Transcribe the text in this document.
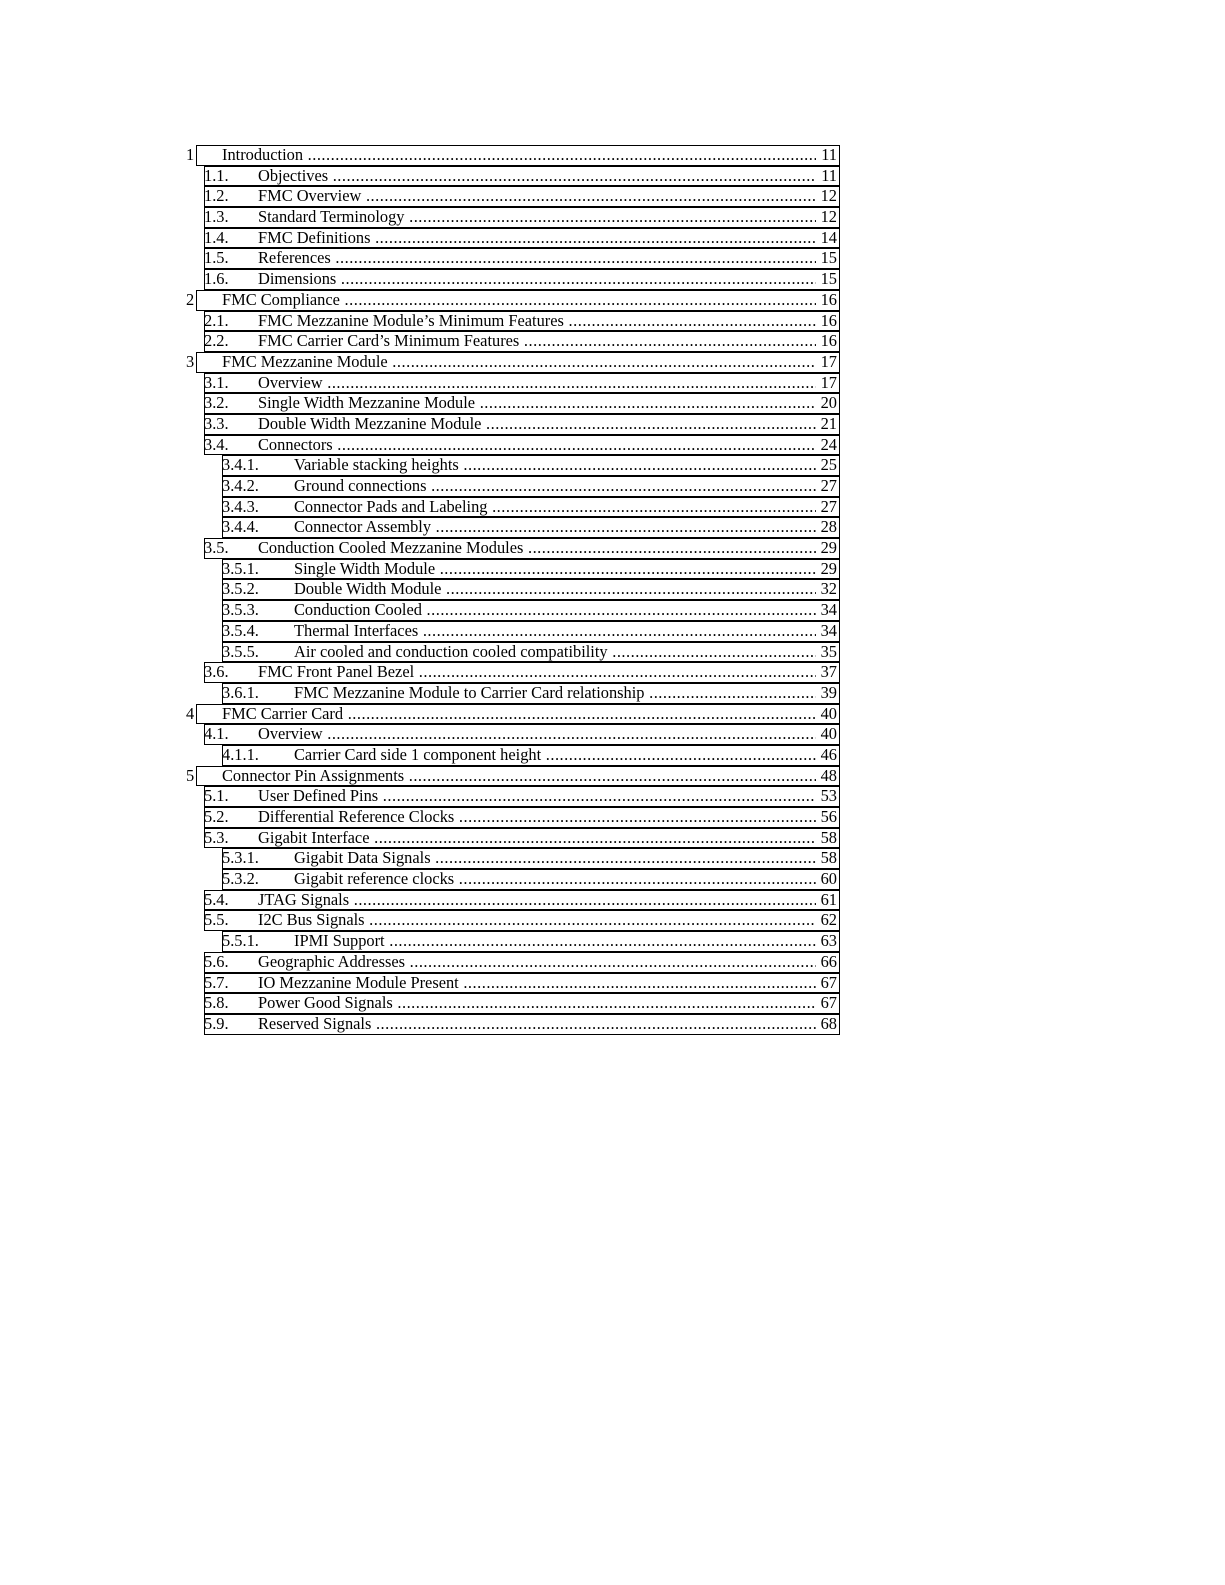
1 Introduction .....	11
1.1. Objectives .....	11
1.2. FMC Overview .....	12
1.3. Standard Terminology .....	12
1.4. FMC Definitions .....	14
1.5. References .....	15
1.6. Dimensions .....	15
2 FMC Compliance .....	16
2.1. FMC Mezzanine Module’s Minimum Features .....	16
2.2. FMC Carrier Card’s Minimum Features .....	16
3 FMC Mezzanine Module .....	17
3.1. Overview .....	17
3.2. Single Width Mezzanine Module .....	20
3.3. Double Width Mezzanine Module .....	21
3.4. Connectors .....	24
3.4.1. Variable stacking heights .....	25
3.4.2. Ground connections .....	27
3.4.3. Connector Pads and Labeling .....	27
3.4.4. Connector Assembly .....	28
3.5. Conduction Cooled Mezzanine Modules .....	29
3.5.1. Single Width Module .....	29
3.5.2. Double Width Module .....	32
3.5.3. Conduction Cooled .....	34
3.5.4. Thermal Interfaces .....	34
3.5.5. Air cooled and conduction cooled compatibility .....	35
3.6. FMC Front Panel Bezel .....	37
3.6.1. FMC Mezzanine Module to Carrier Card relationship .....	39
4 FMC Carrier Card .....	40
4.1. Overview .....	40
4.1.1. Carrier Card side 1 component height .....	46
5 Connector Pin Assignments .....	48
5.1. User Defined Pins .....	53
5.2. Differential Reference Clocks .....	56
5.3. Gigabit Interface .....	58
5.3.1. Gigabit Data Signals .....	58
5.3.2. Gigabit reference clocks .....	60
5.4. JTAG Signals .....	61
5.5. I2C Bus Signals .....	62
5.5.1. IPMI Support .....	63
5.6. Geographic Addresses .....	66
5.7. IO Mezzanine Module Present .....	67
5.8. Power Good Signals .....	67
5.9. Reserved Signals .....	68
